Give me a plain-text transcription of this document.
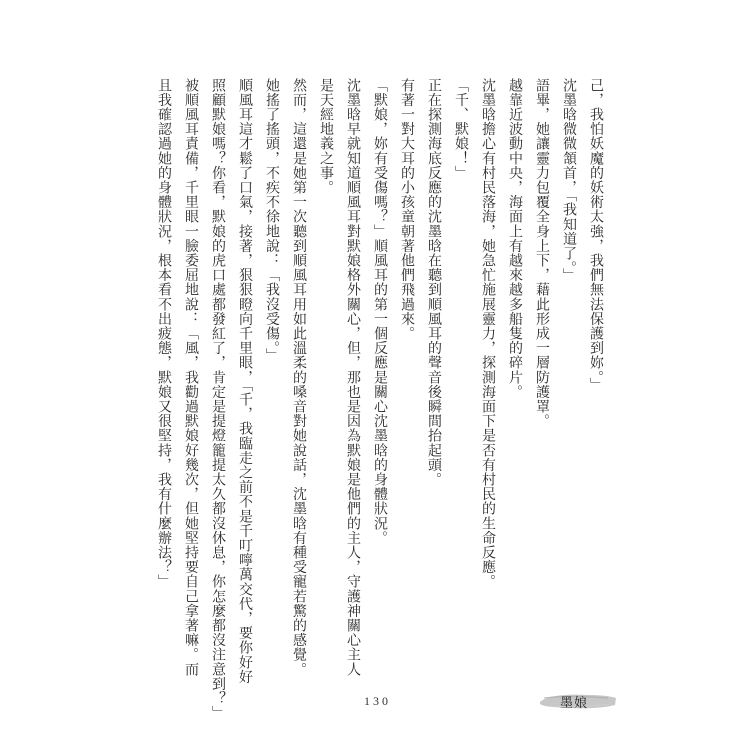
己，我怕妖魔的妖術太強，我們無法保護到妳。」
沈墨晗微微頷首，「我知道了。」
語畢，她讓靈力包覆全身上下，藉此形成一層防護罩。
越靠近波動中央，海面上有越來越多船隻的碎片。
沈墨晗擔心有村民落海，她急忙施展靈力，探測海面下是否有村民的生命反應。
「千、默娘！」
正在探測海底反應的沈墨晗在聽到順風耳的聲音後瞬間抬起頭。
有著一對大耳的小孩童朝著他們飛過來。
「默娘，妳有受傷嗎？」順風耳的第一個反應是關心沈墨晗的身體狀況。
沈墨晗早就知道順風耳對默娘格外關心，但，那也是因為默娘是他們的主人，守護神關心主人
是天經地義之事。
然而，這還是她第一次聽到順風耳用如此溫柔的嗓音對她說話，沈墨晗有種受寵若驚的感覺。
她搖了搖頭，不疾不徐地說：「我沒受傷。」
順風耳這才鬆了口氣，接著，狠狠瞪向千里眼，「千，我臨走之前不是千叮嚀萬交代，要你好好
照顧默娘嗎？你看，默娘的虎口處都發紅了，肯定是提燈籠提太久都沒休息，你怎麼都沒注意到？」
被順風耳責備，千里眼一臉委屈地說：「風，我勸過默娘好幾次，但她堅持要自己拿著嘛。而
且我確認過她的身體狀況，根本看不出疲態，默娘又很堅持，我有什麼辦法？」
130	墨娘
